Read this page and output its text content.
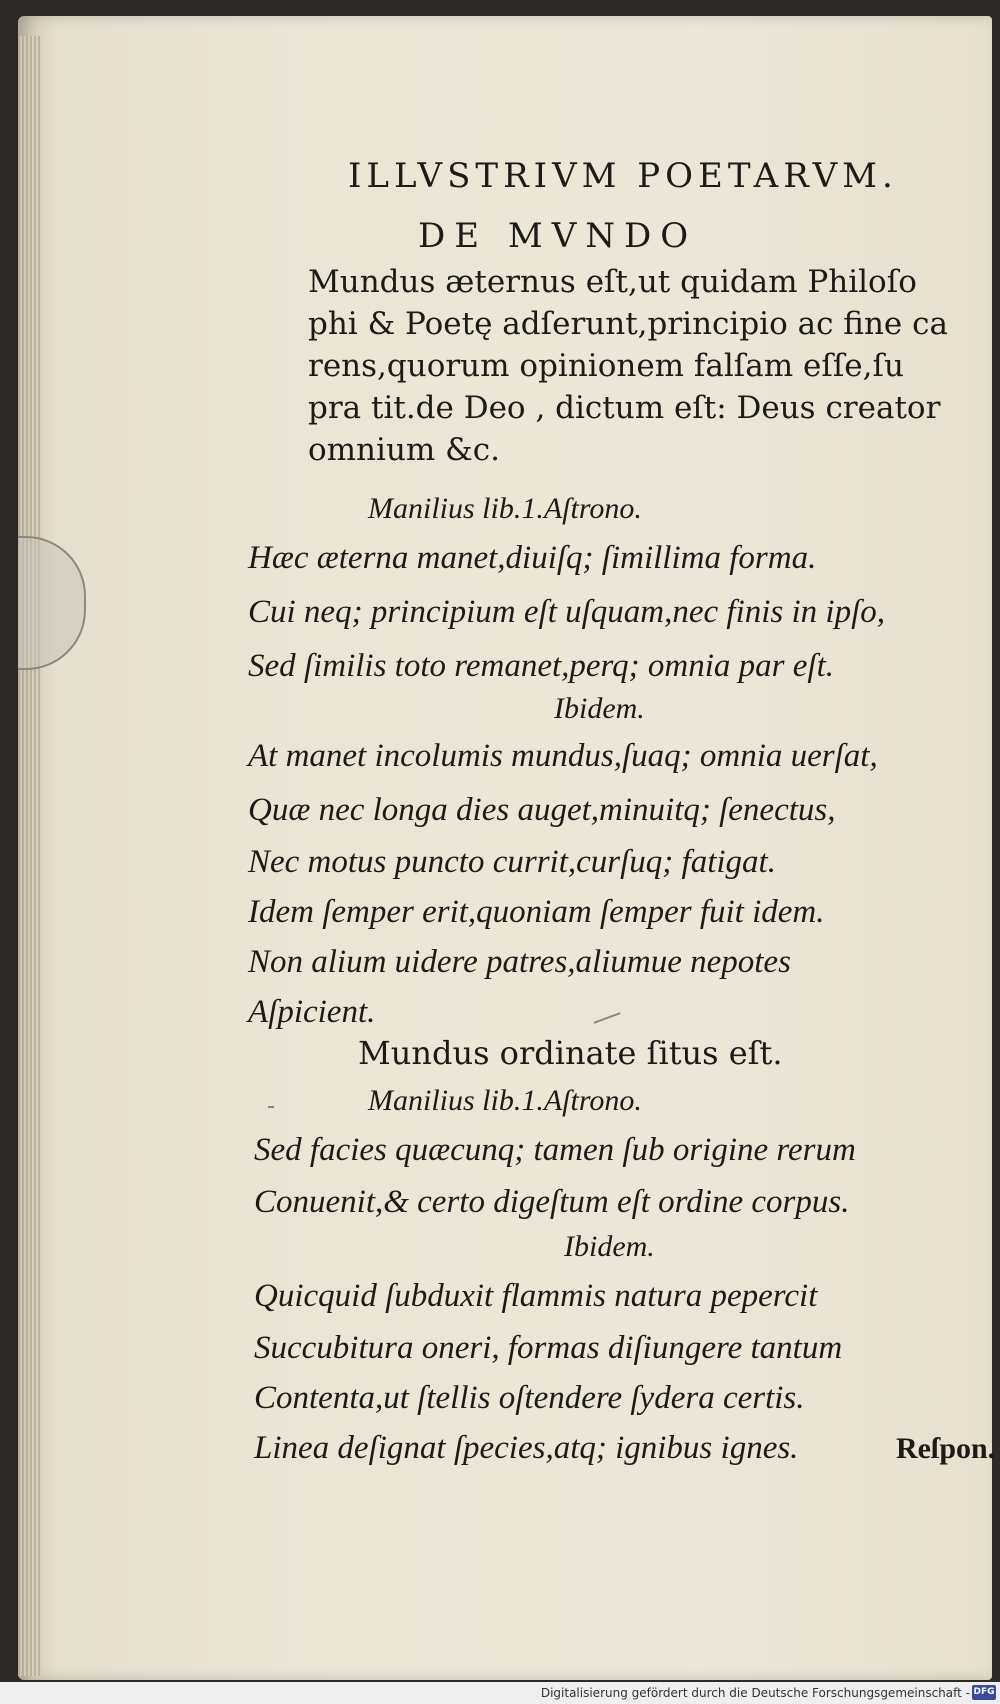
ILLVSTRIVM POETARVM.
DE MVNDO
Mundus æternus eſt,ut quidam Philoſo
phi & Poetę adſerunt,principio ac fine ca
rens,quorum opinionem falſam eſſe,ſu
pra tit.de Deo , dictum eſt: Deus creator
omnium &c.
Manilius lib.1.Aſtrono.
Hæc æterna manet,diuiſq; ſimillima forma.
Cui neq; principium eſt uſquam,nec finis in ipſo,
Sed ſimilis toto remanet,perq; omnia par eſt.
Ibidem.
At manet incolumis mundus,ſuaq; omnia uerſat,
Quæ nec longa dies auget,minuitq; ſenectus,
Nec motus puncto currit,curſuq; fatigat.
Idem ſemper erit,quoniam ſemper fuit idem.
Non alium uidere patres,aliumue nepotes
Aſpicient.
Mundus ordinate ſitus eſt.
Manilius lib.1.Aſtrono.
Sed facies quæcunq; tamen ſub origine rerum
Conuenit,& certo digeſtum eſt ordine corpus.
Ibidem.
Quicquid ſubduxit flammis natura pepercit
Succubitura oneri, formas diſiungere tantum
Contenta,ut ſtellis oſtendere ſydera certis.
Linea deſignat ſpecies,atq; ignibus ignes.	Reſpon.
Digitalisierung gefördert durch die Deutsche Forschungsgemeinschaft - DFG
